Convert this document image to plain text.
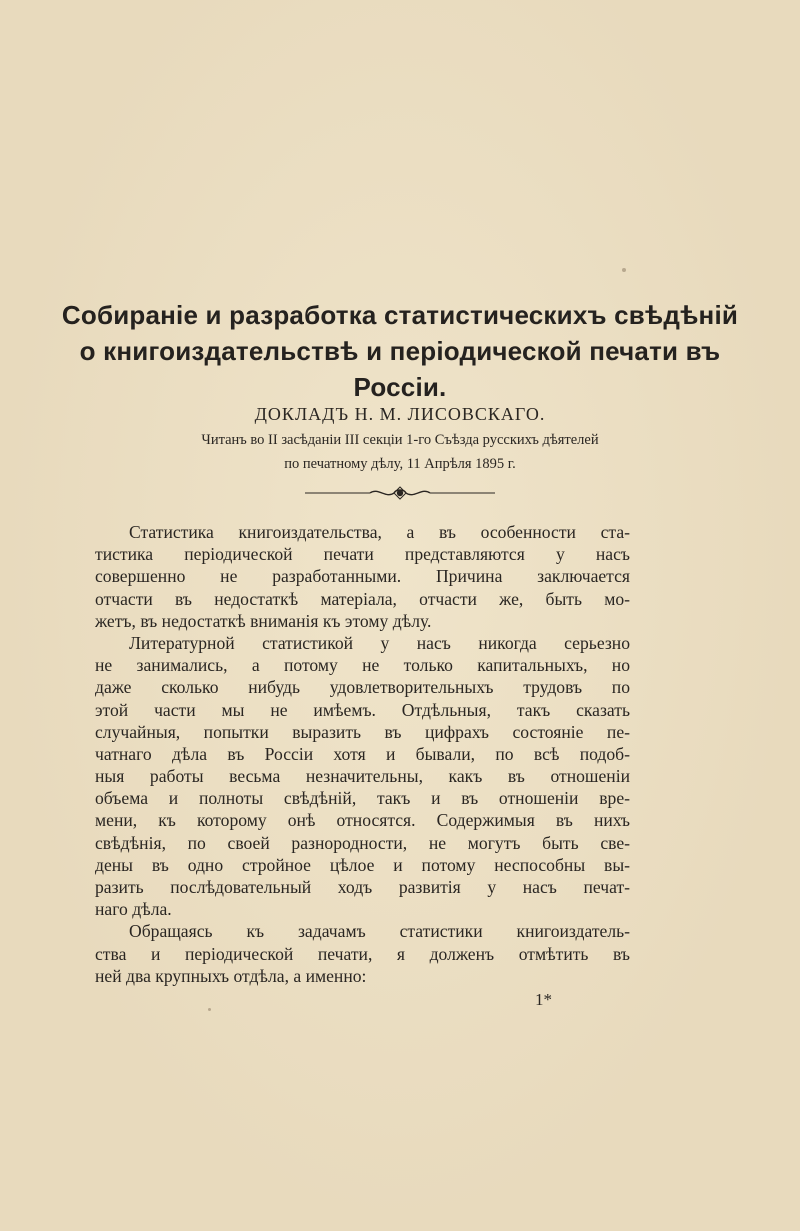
Собираніе и разработка статистическихъ свѣдѣній
о книгоиздательствѣ и періодической печати въ
Россіи.
ДОКЛАДЪ Н. М. ЛИСОВСКАГО.
Читанъ во II засѣданіи III секціи 1-го Съѣзда русскихъ дѣятелей
по печатному дѣлу, 11 Апрѣля 1895 г.
Статистика книгоиздательства, а въ особенности ста-
тистика періодической печати представляются у насъ
совершенно не разработанными. Причина заключается
отчасти въ недостаткѣ матеріала, отчасти же, быть мо-
жетъ, въ недостаткѣ вниманія къ этому дѣлу.
Литературной статистикой у насъ никогда серьезно
не занимались, а потому не только капитальныхъ, но
даже сколько нибудь удовлетворительныхъ трудовъ по
этой части мы не имѣемъ. Отдѣльныя, такъ сказать
случайныя, попытки выразить въ цифрахъ состояніе пе-
чатнаго дѣла въ Россіи хотя и бывали, по всѣ подоб-
ныя работы весьма незначительны, какъ въ отношеніи
объема и полноты свѣдѣній, такъ и въ отношеніи вре-
мени, къ которому онѣ относятся. Содержимыя въ нихъ
свѣдѣнія, по своей разнородности, не могутъ быть све-
дены въ одно стройное цѣлое и потому неспособны вы-
разить послѣдовательный ходъ развитія у насъ печат-
наго дѣла.
Обращаясь къ задачамъ статистики книгоиздатель-
ства и періодической печати, я долженъ отмѣтить въ
ней два крупныхъ отдѣла, а именно:
1*
